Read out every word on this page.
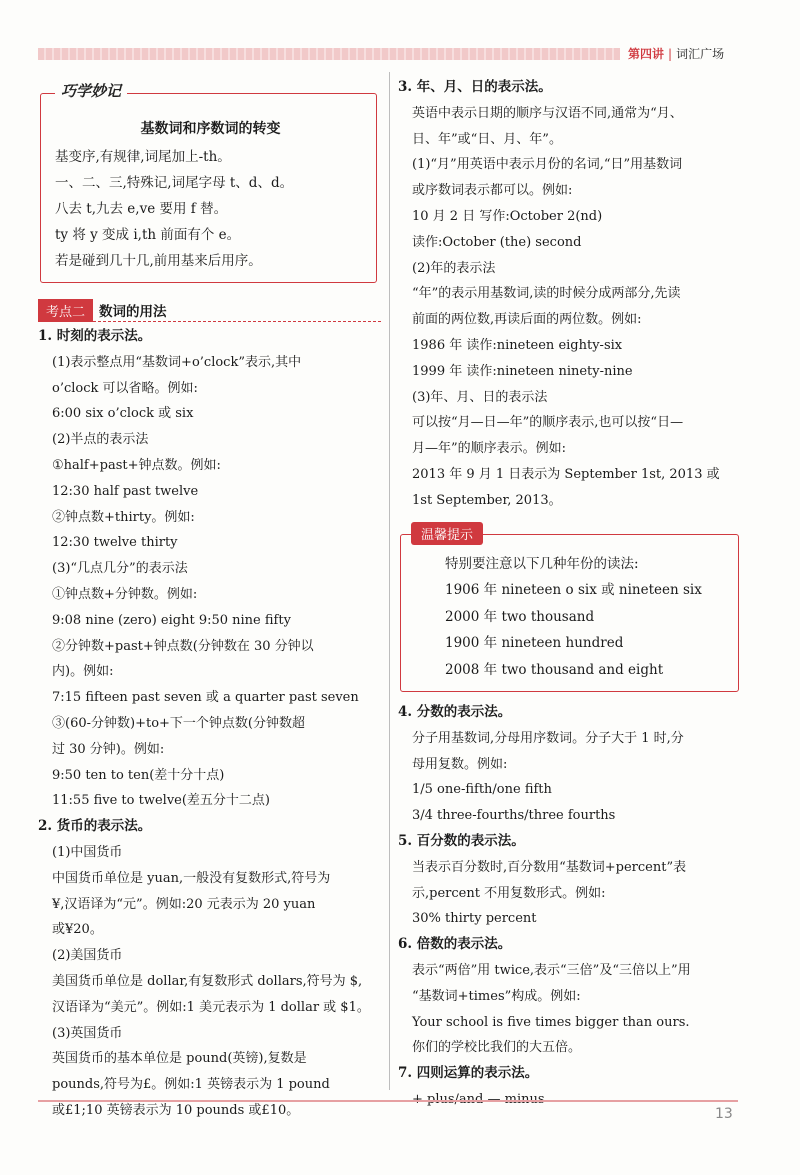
第四讲 | 词汇广场
巧学妙记
基数词和序数词的转变
基变序,有规律,词尾加上-th。
一、二、三,特殊记,词尾字母 t、d、d。
八去 t,九去 e,ve 要用 f 替。
ty 将 y 变成 i,th 前面有个 e。
若是碰到几十几,前用基来后用序。
考点二 数词的用法
1. 时刻的表示法。
(1)表示整点用“基数词+o’clock”表示,其中
o’clock 可以省略。例如:
6:00 six o’clock 或 six
(2)半点的表示法
①half+past+钟点数。例如:
12:30 half past twelve
②钟点数+thirty。例如:
12:30 twelve thirty
(3)“几点几分”的表示法
①钟点数+分钟数。例如:
9:08 nine (zero) eight 9:50 nine fifty
②分钟数+past+钟点数(分钟数在 30 分钟以
内)。例如:
7:15 fifteen past seven 或 a quarter past seven
③(60-分钟数)+to+下一个钟点数(分钟数超
过 30 分钟)。例如:
9:50 ten to ten(差十分十点)
11:55 five to twelve(差五分十二点)
2. 货币的表示法。
(1)中国货币
中国货币单位是 yuan,一般没有复数形式,符号为
¥,汉语译为“元”。例如:20 元表示为 20 yuan
或¥20。
(2)美国货币
美国货币单位是 dollar,有复数形式 dollars,符号为 $,
汉语译为“美元”。例如:1 美元表示为 1 dollar 或 $1。
(3)英国货币
英国货币的基本单位是 pound(英镑),复数是
pounds,符号为£。例如:1 英镑表示为 1 pound
或£1;10 英镑表示为 10 pounds 或£10。
3. 年、月、日的表示法。
英语中表示日期的顺序与汉语不同,通常为“月、
日、年”或“日、月、年”。
(1)“月”用英语中表示月份的名词,“日”用基数词
或序数词表示都可以。例如:
10 月 2 日 写作:October 2(nd)
读作:October (the) second
(2)年的表示法
“年”的表示用基数词,读的时候分成两部分,先读
前面的两位数,再读后面的两位数。例如:
1986 年 读作:nineteen eighty-six
1999 年 读作:nineteen ninety-nine
(3)年、月、日的表示法
可以按“月—日—年”的顺序表示,也可以按“日—
月—年”的顺序表示。例如:
2013 年 9 月 1 日表示为 September 1st, 2013 或
1st September, 2013。
温馨提示
特别要注意以下几种年份的读法:
1906 年 nineteen o six 或 nineteen six
2000 年 two thousand
1900 年 nineteen hundred
2008 年 two thousand and eight
4. 分数的表示法。
分子用基数词,分母用序数词。分子大于 1 时,分
母用复数。例如:
1/5 one-fifth/one fifth
3/4 three-fourths/three fourths
5. 百分数的表示法。
当表示百分数时,百分数用“基数词+percent”表
示,percent 不用复数形式。例如:
30% thirty percent
6. 倍数的表示法。
表示“两倍”用 twice,表示“三倍”及“三倍以上”用
“基数词+times”构成。例如:
Your school is five times bigger than ours.
你们的学校比我们的大五倍。
7. 四则运算的表示法。
13
